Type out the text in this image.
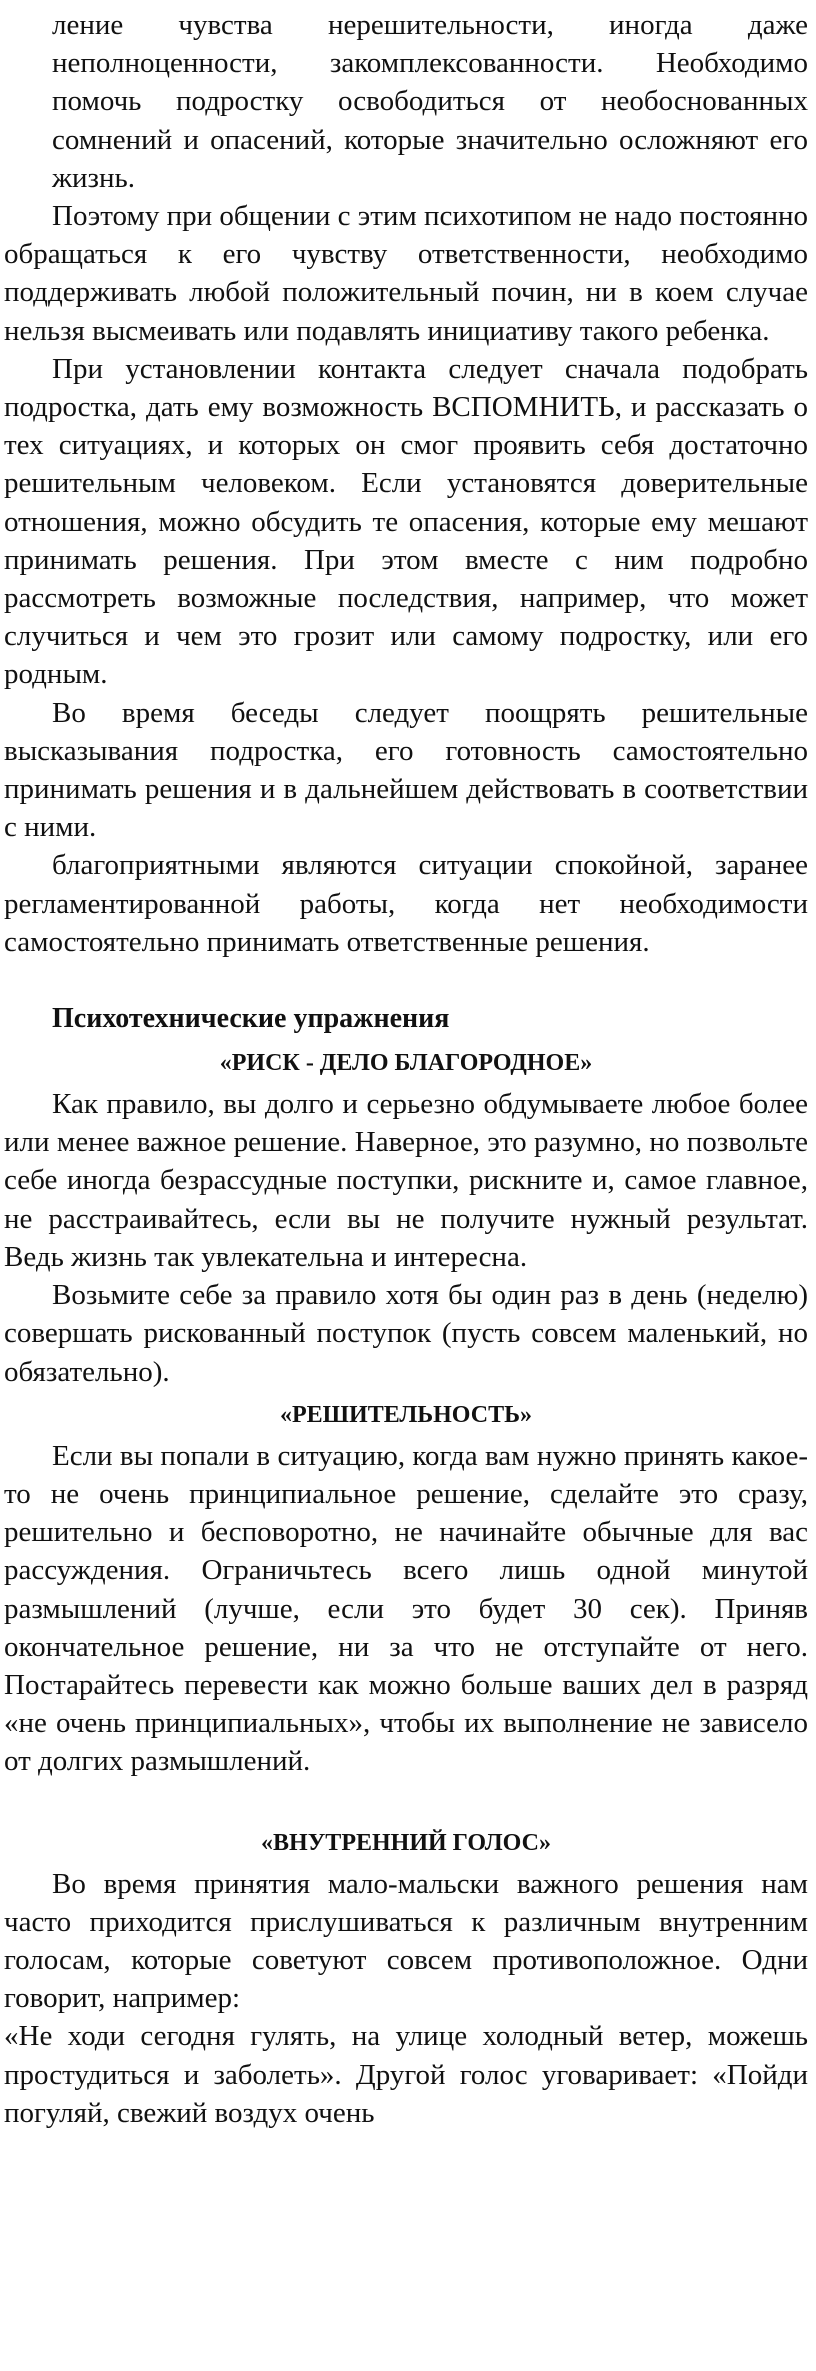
ление чувства нерешительности, иногда даже неполноценности, закомплексованности. Необходимо помочь подростку освободиться от необоснованных сомнений и опасений, которые значительно осложняют его жизнь.

Поэтому при общении с этим психотипом не надо постоянно обращаться к его чувству ответственности, необходимо поддерживать любой положительный почин, ни в коем случае нельзя высмеивать или подавлять инициативу такого ребенка.

При установлении контакта следует сначала подобрать подростка, дать ему возможность ВСПОМНИТЬ, и рассказать о тех ситуациях, и которых он смог проявить себя достаточно решительным человеком. Если установятся доверительные отношения, можно обсудить те опасения, которые ему мешают принимать решения. При этом вместе с ним подробно рассмотреть возможные последствия, например, что может случиться и чем это грозит или самому подростку, или его родным.

Во время беседы следует поощрять решительные высказывания подростка, его готовность самостоятельно принимать решения и в дальнейшем действовать в соответствии с ними.

благоприятными являются ситуации спокойной, заранее регламентированной работы, когда нет необходимости самостоятельно принимать ответственные решения.

Психотехнические упражнения
«РИСК - ДЕЛО БЛАГОРОДНОЕ»

Как правило, вы долго и серьезно обдумываете любое более или менее важное решение. Наверное, это разумно, но позвольте себе иногда безрассудные поступки, рискните и, самое главное, не расстраивайтесь, если вы не получите нужный результат. Ведь жизнь так увлекательна и интересна.

Возьмите себе за правило хотя бы один раз в день (неделю) совершать рискованный поступок (пусть совсем маленький, но обязательно).

«РЕШИТЕЛЬНОСТЬ»

Если вы попали в ситуацию, когда вам нужно принять какое-то не очень принципиальное решение, сделайте это сразу, решительно и бесповоротно, не начинайте обычные для вас рассуждения. Ограничьтесь всего лишь одной минутой размышлений (лучше, если это будет 30 сек). Приняв окончательное решение, ни за что не отступайте от него. Постарайтесь перевести как можно больше ваших дел в разряд «не очень принципиальных», чтобы их выполнение не зависело от долгих размышлений.

«ВНУТРЕННИЙ ГОЛОС»

Во время принятия мало-мальски важного решения нам часто приходится прислушиваться к различным внутренним голосам, которые советуют совсем противоположное. Одни говорит, например:

«Не ходи сегодня гулять, на улице холодный ветер, можешь простудиться и заболеть». Другой голос уговаривает: «Пойди погуляй, свежий воздух очень
